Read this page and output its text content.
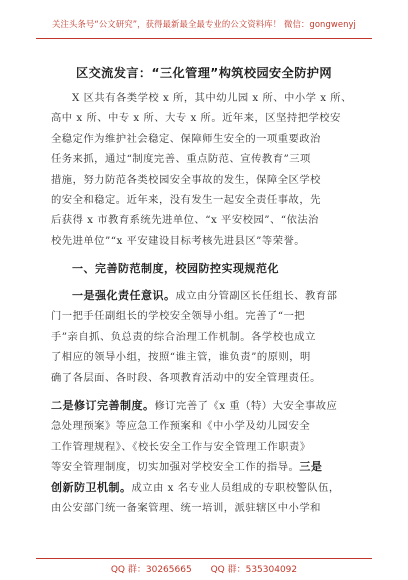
关注头条号“公文研究”，获得最新最全最专业的公文资料库！ 微信：gongwenyj
区交流发言：“三化管理”构筑校园安全防护网
X 区共有各类学校 x 所，其中幼儿园 x 所、中小学 x 所、
高中 x 所、中专 x 所、大专 x 所。近年来，区坚持把学校安
全稳定作为维护社会稳定、保障师生安全的一项重要政治
任务来抓，通过“制度完善、重点防范、宣传教育”三项
措施，努力防范各类校园安全事故的发生，保障全区学校
的安全和稳定。近年来，没有发生一起安全责任事故，先
后获得 x 市教育系统先进单位、“x 平安校园”、“依法治
校先进单位”“x 平安建设目标考核先进县区”等荣誉。
一、完善防范制度，校园防控实现规范化
一是强化责任意识。成立由分管副区长任组长、教育部
门一把手任副组长的学校安全领导小组。完善了“一把
手”亲自抓、负总责的综合治理工作机制。各学校也成立
了相应的领导小组，按照“谁主管，谁负责”的原则，明
确了各层面、各时段、各项教育活动中的安全管理责任。
二是修订完善制度。修订完善了《x 重（特）大安全事故应
急处理预案》等应急工作预案和《中小学及幼儿园安全
工作管理规程》、《校长安全工作与安全管理工作职责》
等安全管理制度，切实加强对学校安全工作的指导。三是
创新防卫机制。成立由 x 名专业人员组成的专职校警队伍，
由公安部门统一备案管理、统一培训，派驻辖区中小学和
QQ 群：30265665 QQ 群：535304092
